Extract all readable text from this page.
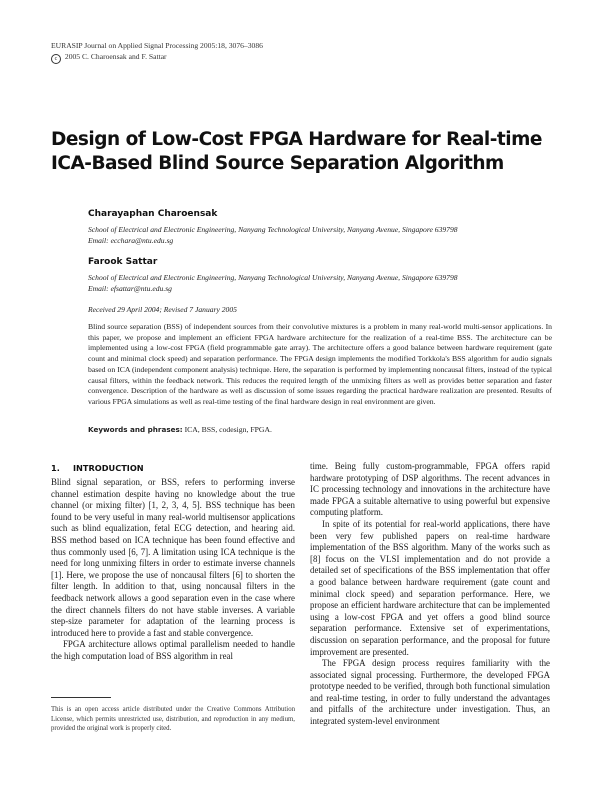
EURASIP Journal on Applied Signal Processing 2005:18, 3076–3086
c 2005 C. Charoensak and F. Sattar
Design of Low-Cost FPGA Hardware for Real-time
ICA-Based Blind Source Separation Algorithm
Charayaphan Charoensak
School of Electrical and Electronic Engineering, Nanyang Technological University, Nanyang Avenue, Singapore 639798
Email: ecchara@ntu.edu.sg
Farook Sattar
School of Electrical and Electronic Engineering, Nanyang Technological University, Nanyang Avenue, Singapore 639798
Email: efsattar@ntu.edu.sg
Received 29 April 2004; Revised 7 January 2005

Blind source separation (BSS) of independent sources from their convolutive mixtures is a problem in many real-world multi-sensor applications. In this paper, we propose and implement an efficient FPGA hardware architecture for the realization of a real-time BSS. The architecture can be implemented using a low-cost FPGA (field programmable gate array). The architecture offers a good balance between hardware requirement (gate count and minimal clock speed) and separation performance. The FPGA design implements the modified Torkkola's BSS algorithm for audio signals based on ICA (independent component analysis) technique. Here, the separation is performed by implementing noncausal filters, instead of the typical causal filters, within the feedback network. This reduces the required length of the unmixing filters as well as provides better separation and faster convergence. Description of the hardware as well as discussion of some issues regarding the practical hardware realization are presented. Results of various FPGA simulations as well as real-time testing of the final hardware design in real environment are given.

Keywords and phrases: ICA, BSS, codesign, FPGA.
1. INTRODUCTION

Blind signal separation, or BSS, refers to performing inverse channel estimation despite having no knowledge about the true channel (or mixing filter) [1, 2, 3, 4, 5]. BSS technique has been found to be very useful in many real-world multisensor applications such as blind equalization, fetal ECG detection, and hearing aid. BSS method based on ICA technique has been found effective and thus commonly used [6, 7]. A limitation using ICA technique is the need for long unmixing filters in order to estimate inverse channels [1]. Here, we propose the use of noncausal filters [6] to shorten the filter length. In addition to that, using noncausal filters in the feedback network allows a good separation even in the case where the direct channels filters do not have stable inverses. A variable step-size parameter for adaptation of the learning process is introduced here to provide a fast and stable convergence.

FPGA architecture allows optimal parallelism needed to handle the high computation load of BSS algorithm in real

This is an open access article distributed under the Creative Commons Attribution License, which permits unrestricted use, distribution, and reproduction in any medium, provided the original work is properly cited.

time. Being fully custom-programmable, FPGA offers rapid hardware prototyping of DSP algorithms. The recent advances in IC processing technology and innovations in the architecture have made FPGA a suitable alternative to using powerful but expensive computing platform.

In spite of its potential for real-world applications, there have been very few published papers on real-time hardware implementation of the BSS algorithm. Many of the works such as [8] focus on the VLSI implementation and do not provide a detailed set of specifications of the BSS implementation that offer a good balance between hardware requirement (gate count and minimal clock speed) and separation performance. Here, we propose an efficient hardware architecture that can be implemented using a low-cost FPGA and yet offers a good blind source separation performance. Extensive set of experimentations, discussion on separation performance, and the proposal for future improvement are presented.

The FPGA design process requires familiarity with the associated signal processing. Furthermore, the developed FPGA prototype needed to be verified, through both functional simulation and real-time testing, in order to fully understand the advantages and pitfalls of the architecture under investigation. Thus, an integrated system-level environment
